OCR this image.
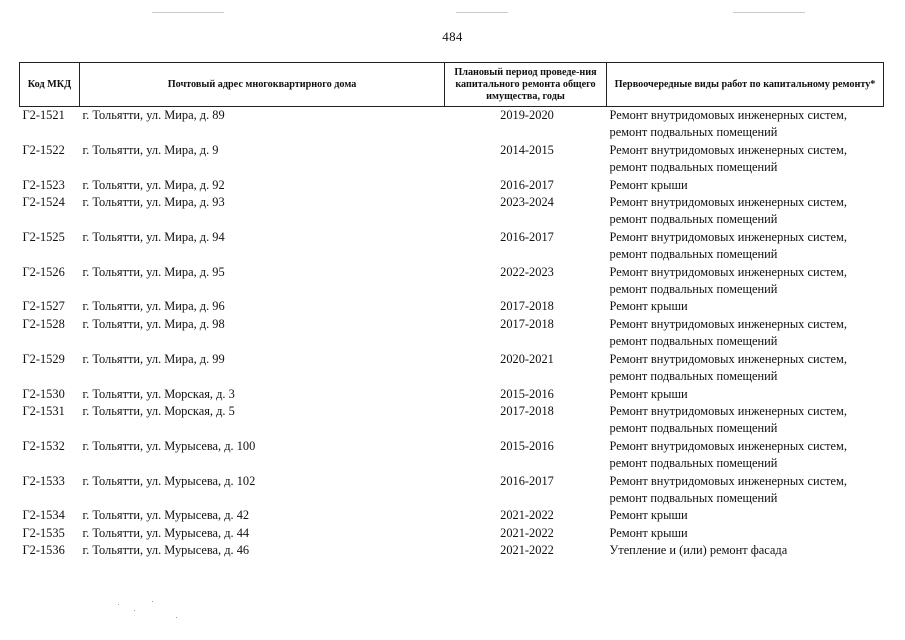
484
Код МКД	Почтовый адрес многоквартирного дома	Плановый период проведе-ния капитального ремонта общего имущества, годы	Первоочередные виды работ по капитальному ремонту*
Г2-1521	г. Тольятти, ул. Мира, д. 89	2019-2020	Ремонт внутридомовых инженерных систем,
ремонт подвальных помещений

Г2-1522	г. Тольятти, ул. Мира, д. 9	2014-2015	Ремонт внутридомовых инженерных систем,
ремонт подвальных помещений

Г2-1523	г. Тольятти, ул. Мира, д. 92	2016-2017	Ремонт крыши

Г2-1524	г. Тольятти, ул. Мира, д. 93	2023-2024	Ремонт внутридомовых инженерных систем,
ремонт подвальных помещений

Г2-1525	г. Тольятти, ул. Мира, д. 94	2016-2017	Ремонт внутридомовых инженерных систем,
ремонт подвальных помещений

Г2-1526	г. Тольятти, ул. Мира, д. 95	2022-2023	Ремонт внутридомовых инженерных систем,
ремонт подвальных помещений

Г2-1527	г. Тольятти, ул. Мира, д. 96	2017-2018	Ремонт крыши

Г2-1528	г. Тольятти, ул. Мира, д. 98	2017-2018	Ремонт внутридомовых инженерных систем,
ремонт подвальных помещений

Г2-1529	г. Тольятти, ул. Мира, д. 99	2020-2021	Ремонт внутридомовых инженерных систем,
ремонт подвальных помещений

Г2-1530	г. Тольятти, ул. Морская, д. 3	2015-2016	Ремонт крыши

Г2-1531	г. Тольятти, ул. Морская, д. 5	2017-2018	Ремонт внутридомовых инженерных систем,
ремонт подвальных помещений

Г2-1532	г. Тольятти, ул. Мурысева, д. 100	2015-2016	Ремонт внутридомовых инженерных систем,
ремонт подвальных помещений

Г2-1533	г. Тольятти, ул. Мурысева, д. 102	2016-2017	Ремонт внутридомовых инженерных систем,
ремонт подвальных помещений

Г2-1534	г. Тольятти, ул. Мурысева, д. 42	2021-2022	Ремонт крыши

Г2-1535	г. Тольятти, ул. Мурысева, д. 44	2021-2022	Ремонт крыши

Г2-1536	г. Тольятти, ул. Мурысева, д. 46	2021-2022	Утепление и (или) ремонт фасада
